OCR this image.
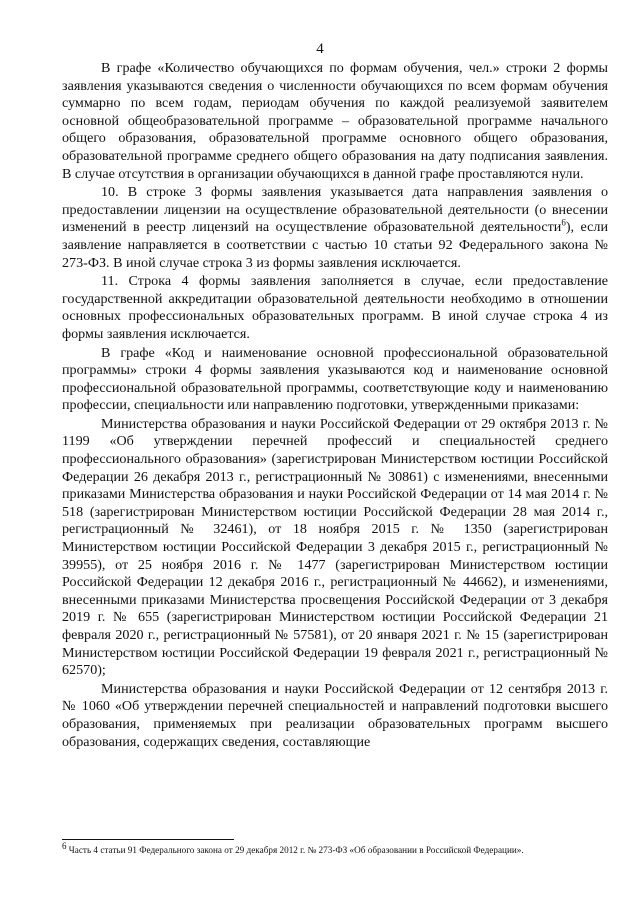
4

В графе «Количество обучающихся по формам обучения, чел.» строки 2 формы заявления указываются сведения о численности обучающихся по всем формам обучения суммарно по всем годам, периодам обучения по каждой реализуемой заявителем основной общеобразовательной программе – образовательной программе начального общего образования, образовательной программе основного общего образования, образовательной программе среднего общего образования на дату подписания заявления. В случае отсутствия в организации обучающихся в данной графе проставляются нули.

10. В строке 3 формы заявления указывается дата направления заявления о предоставлении лицензии на осуществление образовательной деятельности (о внесении изменений в реестр лицензий на осуществление образовательной деятельности$^6$), если заявление направляется в соответствии с частью 10 статьи 92 Федерального закона № 273-ФЗ. В иной случае строка 3 из формы заявления исключается.

11. Строка 4 формы заявления заполняется в случае, если предоставление государственной аккредитации образовательной деятельности необходимо в отношении основных профессиональных образовательных программ. В иной случае строка 4 из формы заявления исключается.

В графе «Код и наименование основной профессиональной образовательной программы» строки 4 формы заявления указываются код и наименование основной профессиональной образовательной программы, соответствующие коду и наименованию профессии, специальности или направлению подготовки, утвержденными приказами:

Министерства образования и науки Российской Федерации от 29 октября 2013 г. № 1199 «Об утверждении перечней профессий и специальностей среднего профессионального образования» (зарегистрирован Министерством юстиции Российской Федерации 26 декабря 2013 г., регистрационный № 30861) с изменениями, внесенными приказами Министерства образования и науки Российской Федерации от 14 мая 2014 г. № 518 (зарегистрирован Министерством юстиции Российской Федерации 28 мая 2014 г., регистрационный № 32461), от 18 ноября 2015 г. № 1350 (зарегистрирован Министерством юстиции Российской Федерации 3 декабря 2015 г., регистрационный № 39955), от 25 ноября 2016 г. № 1477 (зарегистрирован Министерством юстиции Российской Федерации 12 декабря 2016 г., регистрационный № 44662), и изменениями, внесенными приказами Министерства просвещения Российской Федерации от 3 декабря 2019 г. № 655 (зарегистрирован Министерством юстиции Российской Федерации 21 февраля 2020 г., регистрационный № 57581), от 20 января 2021 г. № 15 (зарегистрирован Министерством юстиции Российской Федерации 19 февраля 2021 г., регистрационный № 62570);

Министерства образования и науки Российской Федерации от 12 сентября 2013 г. № 1060 «Об утверждении перечней специальностей и направлений подготовки высшего образования, применяемых при реализации образовательных программ высшего образования, содержащих сведения, составляющие

$^6$ Часть 4 статьи 91 Федерального закона от 29 декабря 2012 г. № 273-ФЗ «Об образовании в Российской Федерации».
